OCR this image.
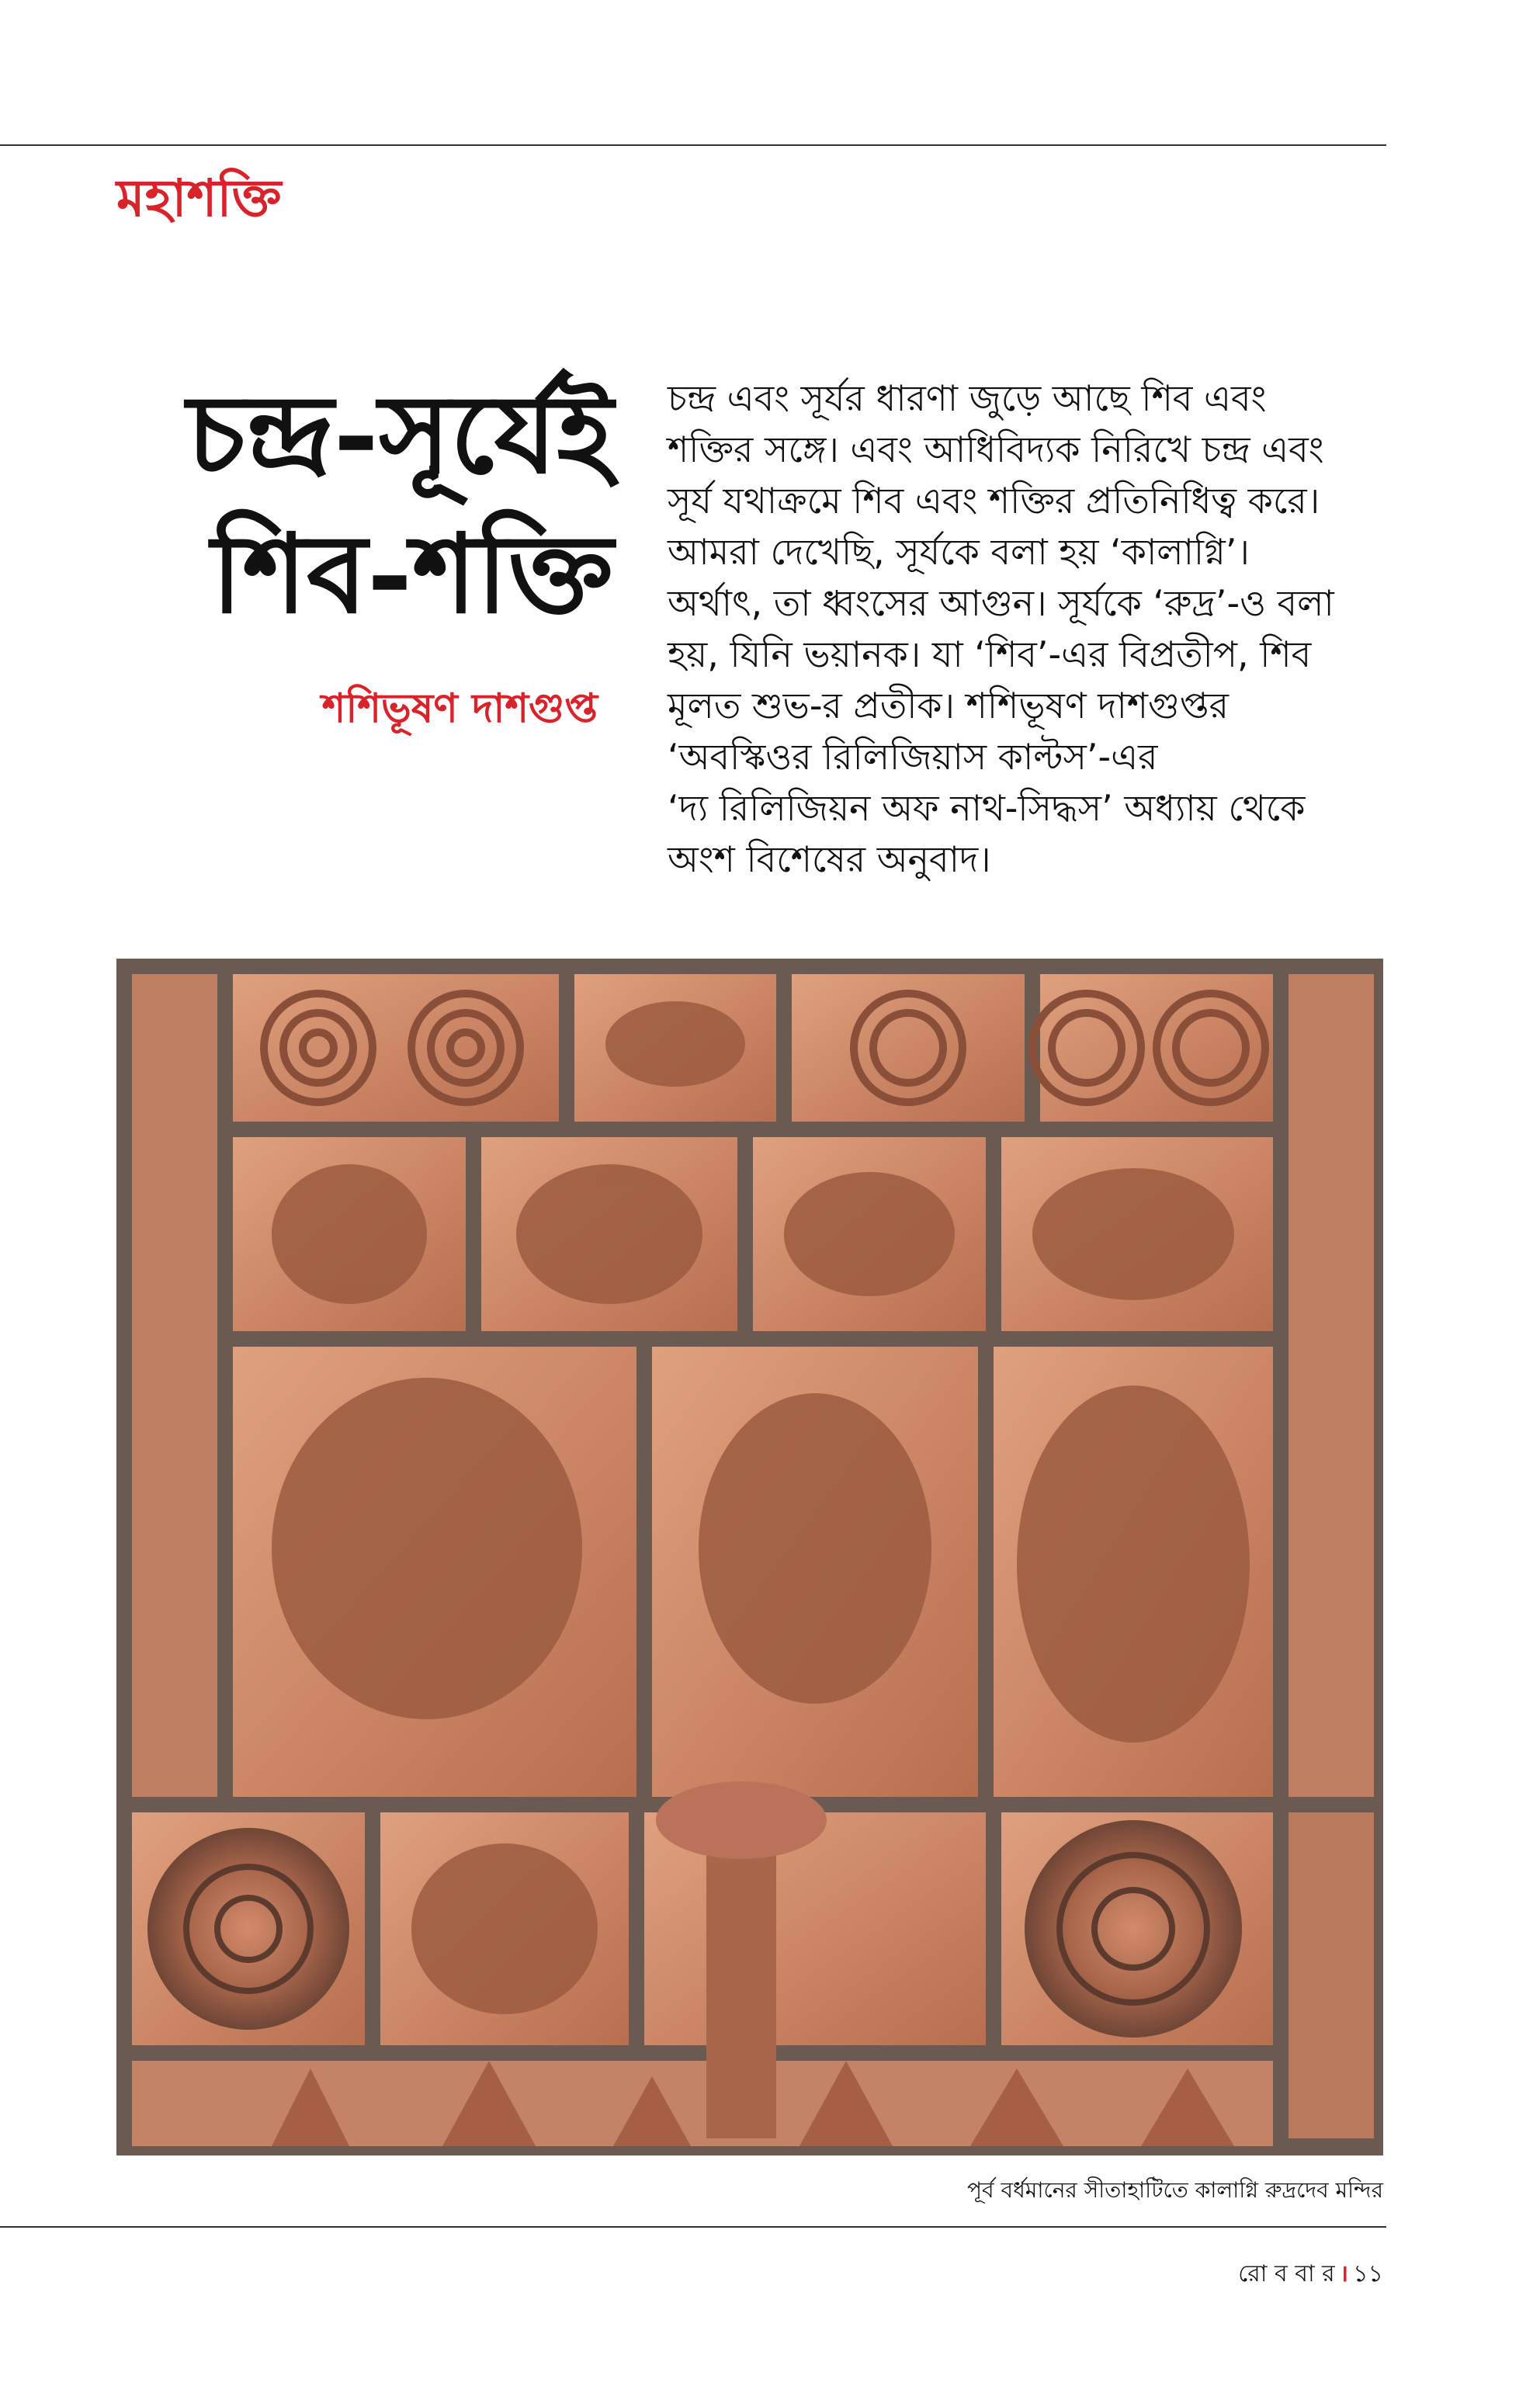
মহাশক্তি
চন্দ্র-সূর্যেই
শিব-শক্তি
শশিভূষণ দাশগুপ্ত
চন্দ্র এবং সূর্যর ধারণা জুড়ে আছে শিব এবং
শক্তির সঙ্গে। এবং আধিবিদ্যক নিরিখে চন্দ্র এবং
সূর্য যথাক্রমে শিব এবং শক্তির প্রতিনিধিত্ব করে।
আমরা দেখেছি, সূর্যকে বলা হয় ‘কালাগ্নি’।
অর্থাৎ, তা ধ্বংসের আগুন। সূর্যকে ‘রুদ্র’-ও বলা
হয়, যিনি ভয়ানক। যা ‘শিব’-এর বিপ্রতীপ, শিব
মূলত শুভ-র প্রতীক। শশিভূষণ দাশগুপ্তর
‘অবস্কিওর রিলিজিয়াস কাল্টস’-এর
‘দ্য রিলিজিয়ন অফ নাথ-সিদ্ধস’ অধ্যায় থেকে
অংশ বিশেষের অনুবাদ।
পূর্ব বর্ধমানের সীতাহাটিতে কালাগ্নি রুদ্রদেব মন্দির
রো ব বা র । ১১
